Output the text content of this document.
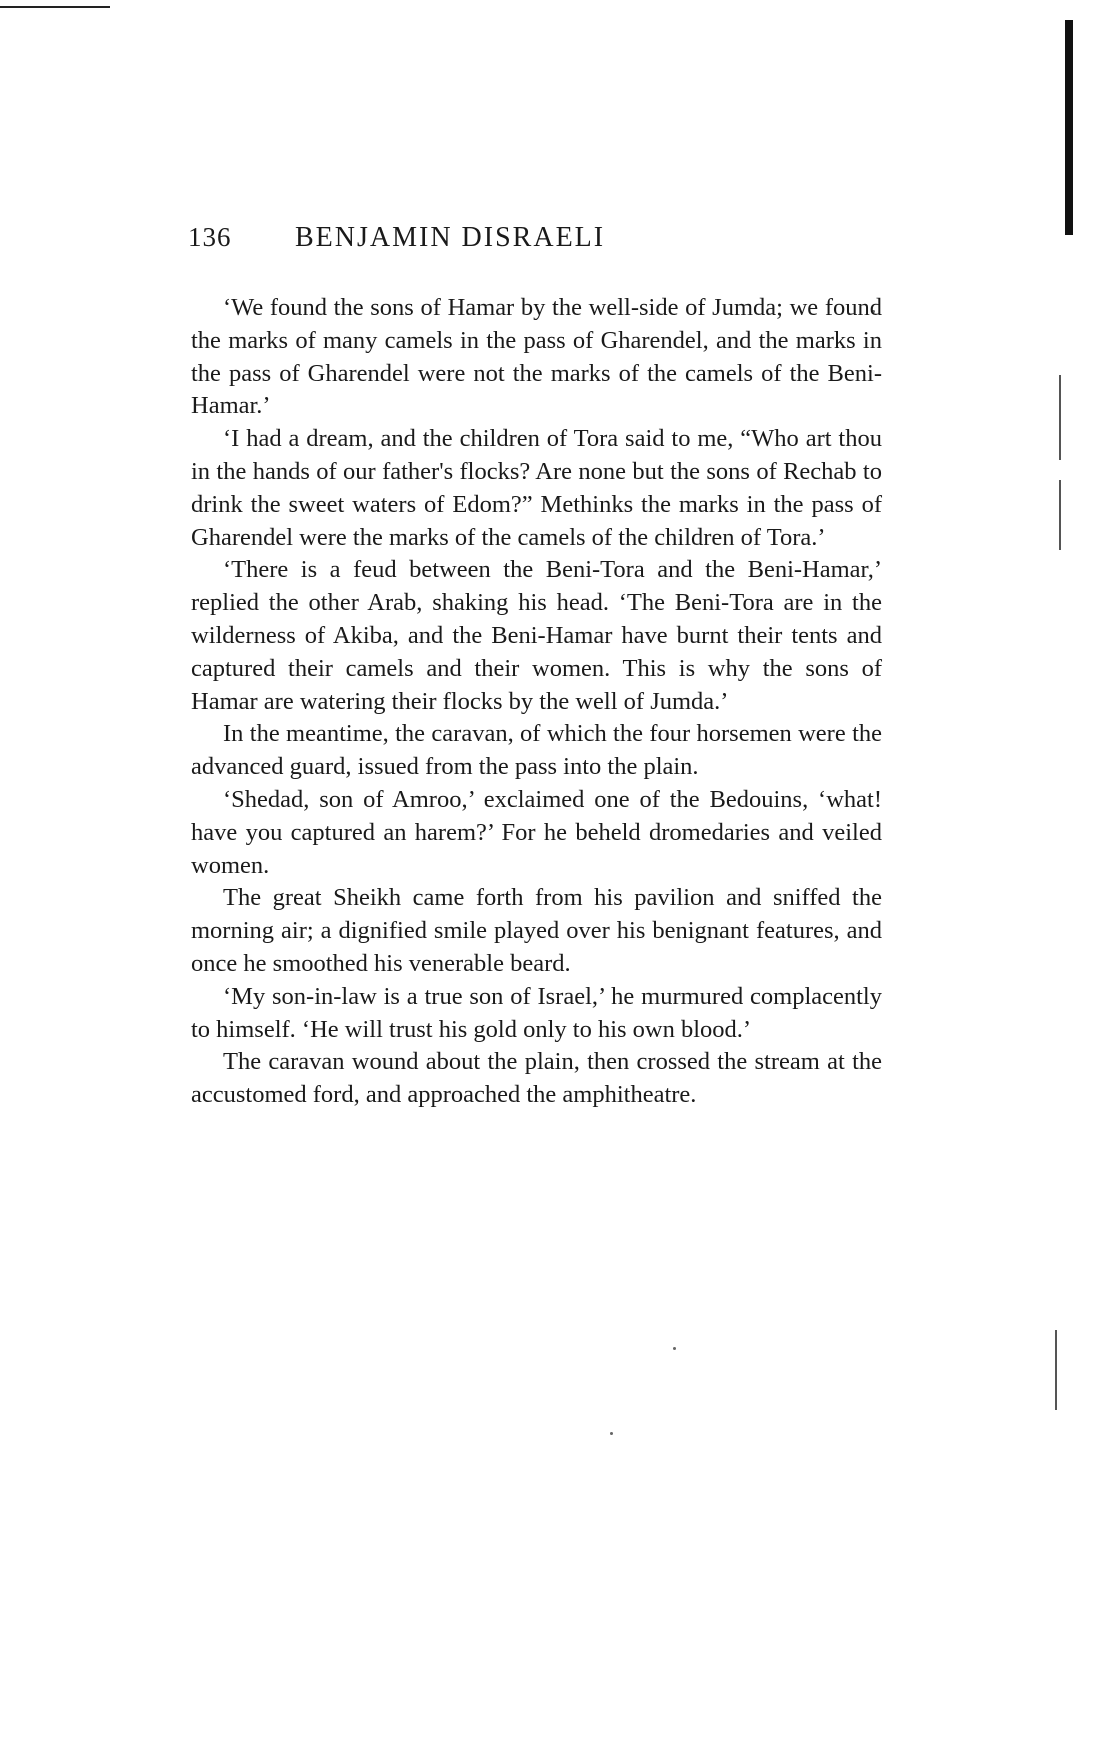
136 BENJAMIN DISRAELI

‘We found the sons of Hamar by the well-side of Jumda; we found the marks of many camels in the pass of Gharendel, and the marks in the pass of Gharendel were not the marks of the camels of the Beni-Hamar.’

‘I had a dream, and the children of Tora said to me, “Who art thou in the hands of our father's flocks? Are none but the sons of Rechab to drink the sweet waters of Edom?” Methinks the marks in the pass of Gharendel were the marks of the camels of the children of Tora.’

‘There is a feud between the Beni-Tora and the Beni-Hamar,’ replied the other Arab, shaking his head. ‘The Beni-Tora are in the wilderness of Akiba, and the Beni-Hamar have burnt their tents and captured their camels and their women. This is why the sons of Hamar are watering their flocks by the well of Jumda.’

In the meantime, the caravan, of which the four horsemen were the advanced guard, issued from the pass into the plain.

‘Shedad, son of Amroo,’ exclaimed one of the Bedouins, ‘what! have you captured an harem?’ For he beheld dromedaries and veiled women.

The great Sheikh came forth from his pavilion and sniffed the morning air; a dignified smile played over his benignant features, and once he smoothed his venerable beard.

‘My son-in-law is a true son of Israel,’ he murmured complacently to himself. ‘He will trust his gold only to his own blood.’

The caravan wound about the plain, then crossed the stream at the accustomed ford, and approached the amphitheatre.
